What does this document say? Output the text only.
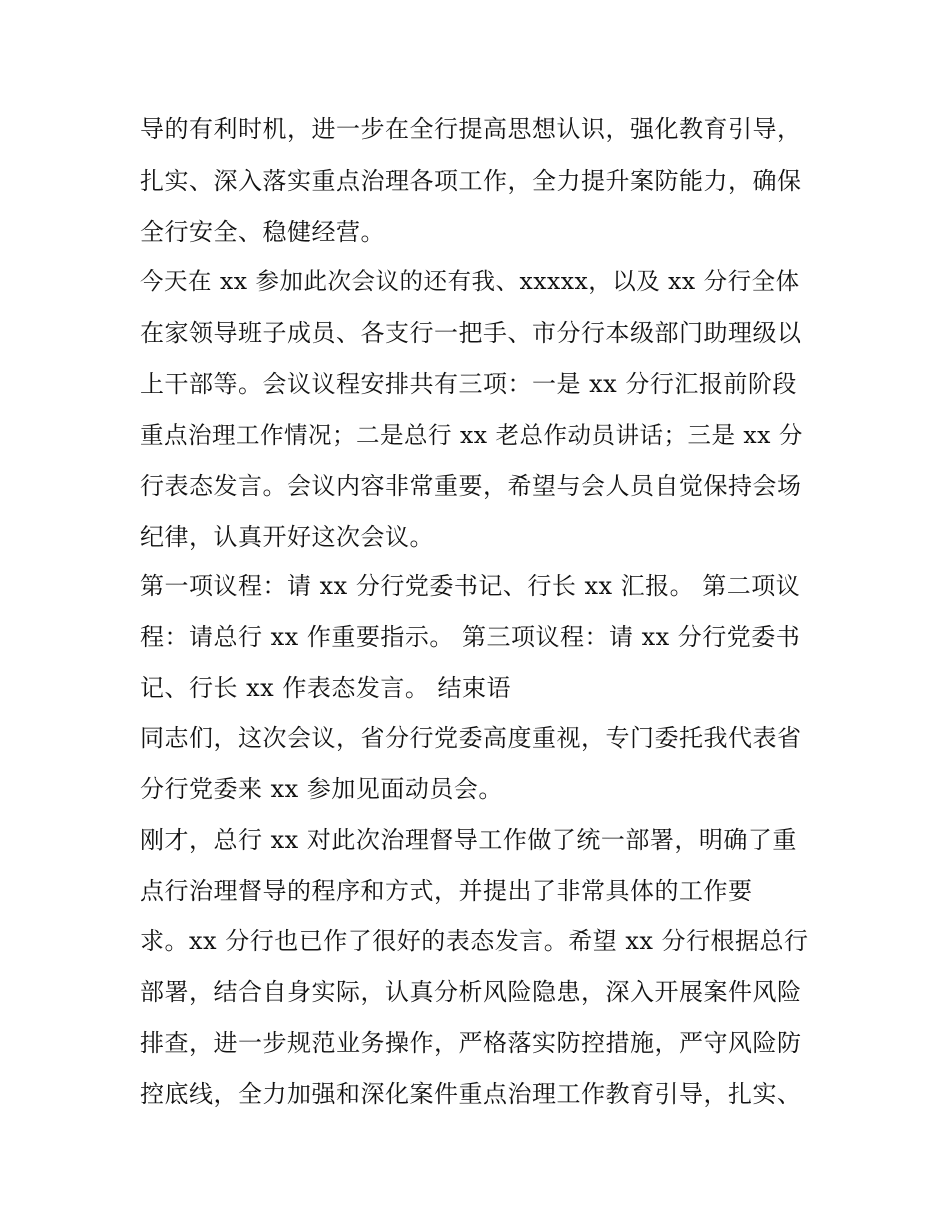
导的有利时机，进一步在全行提高思想认识，强化教育引导，
扎实、深入落实重点治理各项工作，全力提升案防能力，确保
全行安全、稳健经营。
今天在 xx 参加此次会议的还有我、xxxxx，以及 xx 分行全体
在家领导班子成员、各支行一把手、市分行本级部门助理级以
上干部等。会议议程安排共有三项：一是 xx 分行汇报前阶段
重点治理工作情况；二是总行 xx 老总作动员讲话；三是 xx 分
行表态发言。会议内容非常重要，希望与会人员自觉保持会场
纪律，认真开好这次会议。
第一项议程：请 xx 分行党委书记、行长 xx 汇报。 第二项议
程：请总行 xx 作重要指示。 第三项议程：请 xx 分行党委书
记、行长 xx 作表态发言。 结束语
同志们，这次会议，省分行党委高度重视，专门委托我代表省
分行党委来 xx 参加见面动员会。
刚才，总行 xx 对此次治理督导工作做了统一部署，明确了重
点行治理督导的程序和方式，并提出了非常具体的工作要
求。xx 分行也已作了很好的表态发言。希望 xx 分行根据总行
部署，结合自身实际，认真分析风险隐患，深入开展案件风险
排查，进一步规范业务操作，严格落实防控措施，严守风险防
控底线，全力加强和深化案件重点治理工作教育引导，扎实、
